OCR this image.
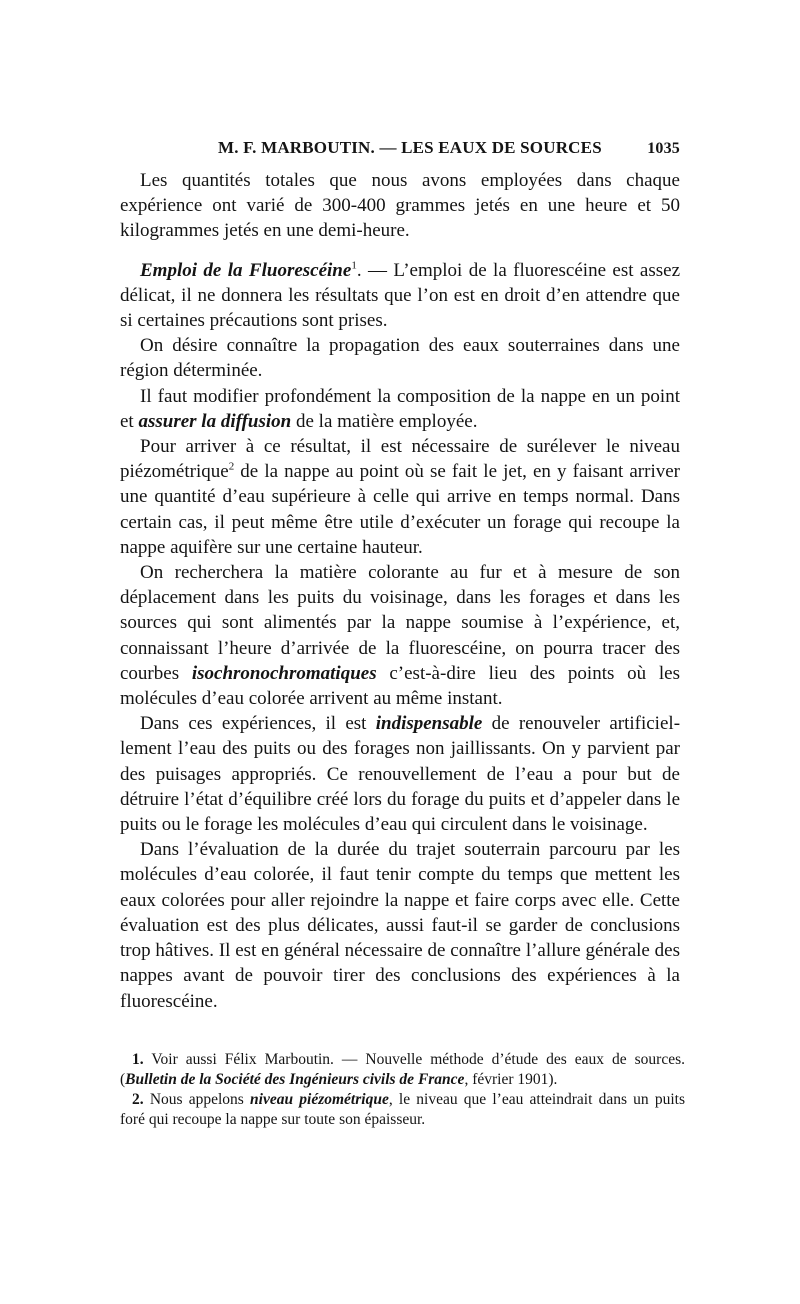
M. F. MARBOUTIN. — LES EAUX DE SOURCES	1035

Les quantités totales que nous avons employées dans chaque expérience ont varié de 300-400 grammes jetés en une heure et 50 kilogrammes jetés en une demi-heure.

Emploi de la Fluorescéine$^1$. — L’emploi de la fluorescéine est assez délicat, il ne donnera les résultats que l’on est en droit d’en attendre que si certaines précautions sont prises.

On désire connaître la propagation des eaux souterraines dans une région déterminée.

Il faut modifier profondément la composition de la nappe en un point et assurer la diffusion de la matière employée.

Pour arriver à ce résultat, il est nécessaire de surélever le niveau piézométrique$^2$ de la nappe au point où se fait le jet, en y faisant arriver une quantité d’eau supérieure à celle qui arrive en temps normal. Dans certain cas, il peut même être utile d’exécuter un forage qui recoupe la nappe aquifère sur une certaine hauteur.

On recherchera la matière colorante au fur et à mesure de son déplacement dans les puits du voisinage, dans les forages et dans les sources qui sont alimentés par la nappe soumise à l’expérience, et, connaissant l’heure d’arrivée de la fluorescéine, on pourra tracer des courbes isochronochromatiques c’est-à-dire lieu des points où les molécules d’eau colorée arrivent au même instant.

Dans ces expériences, il est indispensable de renouveler artificiellement l’eau des puits ou des forages non jaillissants. On y parvient par des puisages appropriés. Ce renouvellement de l’eau a pour but de détruire l’état d’équilibre créé lors du forage du puits et d’appeler dans le puits ou le forage les molécules d’eau qui circulent dans le voisinage.

Dans l’évaluation de la durée du trajet souterrain parcouru par les molécules d’eau colorée, il faut tenir compte du temps que mettent les eaux colorées pour aller rejoindre la nappe et faire corps avec elle. Cette évaluation est des plus délicates, aussi faut-il se garder de conclusions trop hâtives. Il est en général nécessaire de connaître l’allure générale des nappes avant de pouvoir tirer des conclusions des expériences à la fluorescéine.

1. Voir aussi Félix Marboutin. — Nouvelle méthode d’étude des eaux de sources. (Bulletin de la Société des Ingénieurs civils de France, février 1901).

2. Nous appelons niveau piézométrique, le niveau que l’eau atteindrait dans un puits foré qui recoupe la nappe sur toute son épaisseur.
